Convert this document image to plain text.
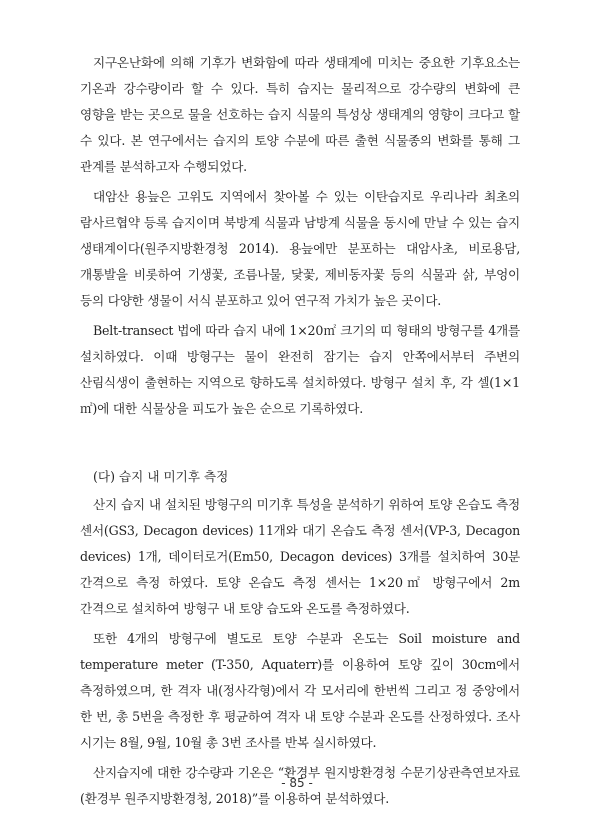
지구온난화에 의해 기후가 변화함에 따라 생태계에 미치는 중요한 기후요소는 기온과 강수량이라 할 수 있다. 특히 습지는 물리적으로 강수량의 변화에 큰 영향을 받는 곳으로 물을 선호하는 습지 식물의 특성상 생태계의 영향이 크다고 할 수 있다. 본 연구에서는 습지의 토양 수분에 따른 출현 식물종의 변화를 통해 그 관계를 분석하고자 수행되었다.

대암산 용늪은 고위도 지역에서 찾아볼 수 있는 이탄습지로 우리나라 최초의 람사르협약 등록 습지이며 북방계 식물과 남방계 식물을 동시에 만날 수 있는 습지 생태계이다(원주지방환경청 2014). 용늪에만 분포하는 대암사초, 비로용담, 개통발을 비롯하여 기생꽃, 조름나물, 닻꽃, 제비동자꽃 등의 식물과 삵, 부엉이 등의 다양한 생물이 서식 분포하고 있어 연구적 가치가 높은 곳이다.

Belt-transect 법에 따라 습지 내에 1×20㎡ 크기의 띠 형태의 방형구를 4개를 설치하였다. 이때 방형구는 물이 완전히 잠기는 습지 안쪽에서부터 주변의 산림식생이 출현하는 지역으로 향하도록 설치하였다. 방형구 설치 후, 각 셀(1×1㎡)에 대한 식물상을 피도가 높은 순으로 기록하였다.

(다) 습지 내 미기후 측정

산지 습지 내 설치된 방형구의 미기후 특성을 분석하기 위하여 토양 온습도 측정 센서(GS3, Decagon devices) 11개와 대기 온습도 측정 센서(VP-3, Decagon devices) 1개, 데이터로거(Em50, Decagon devices) 3개를 설치하여 30분 간격으로 측정 하였다. 토양 온습도 측정 센서는 1×20㎡ 방형구에서 2m 간격으로 설치하여 방형구 내 토양 습도와 온도를 측정하였다.

또한 4개의 방형구에 별도로 토양 수분과 온도는 Soil moisture and temperature meter (T-350, Aquaterr)를 이용하여 토양 깊이 30cm에서 측정하였으며, 한 격자 내(정사각형)에서 각 모서리에 한번씩 그리고 정 중앙에서 한 번, 총 5번을 측정한 후 평균하여 격자 내 토양 수분과 온도를 산정하였다. 조사 시기는 8월, 9월, 10월 총 3번 조사를 반복 실시하였다.

산지습지에 대한 강수량과 기온은 “환경부 원지방환경청 수문기상관측연보자료(환경부 원주지방환경청, 2018)”를 이용하여 분석하였다.

- 85 -
